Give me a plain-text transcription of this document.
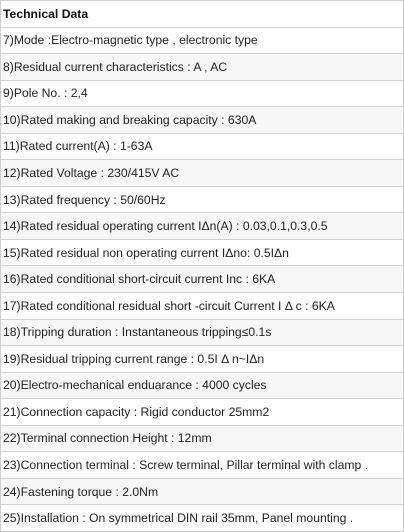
Technical Data
7)Mode :Electro-magnetic type , electronic type
8)Residual current characteristics : A , AC
9)Pole No. : 2,4
10)Rated making and breaking capacity : 630A
11)Rated current(A) : 1-63A
12)Rated Voltage : 230/415V AC
13)Rated frequency : 50/60Hz
14)Rated residual operating current IΔn(A) : 0.03,0.1,0.3,0.5
15)Rated residual non operating current IΔno: 0.5IΔn
16)Rated conditional short-circuit current Inc : 6KA
17)Rated conditional residual short -circuit Current I Δ c : 6KA
18)Tripping duration : Instantaneous tripping≤0.1s
19)Residual tripping current range : 0.5I Δ n~IΔn
20)Electro-mechanical enduarance : 4000 cycles
21)Connection capacity : Rigid conductor 25mm2
22)Terminal connection Height : 12mm
23)Connection terminal : Screw terminal, Pillar terminal with clamp .
24)Fastening torque : 2.0Nm
25)Installation : On symmetrical DIN rail 35mm, Panel mounting .
